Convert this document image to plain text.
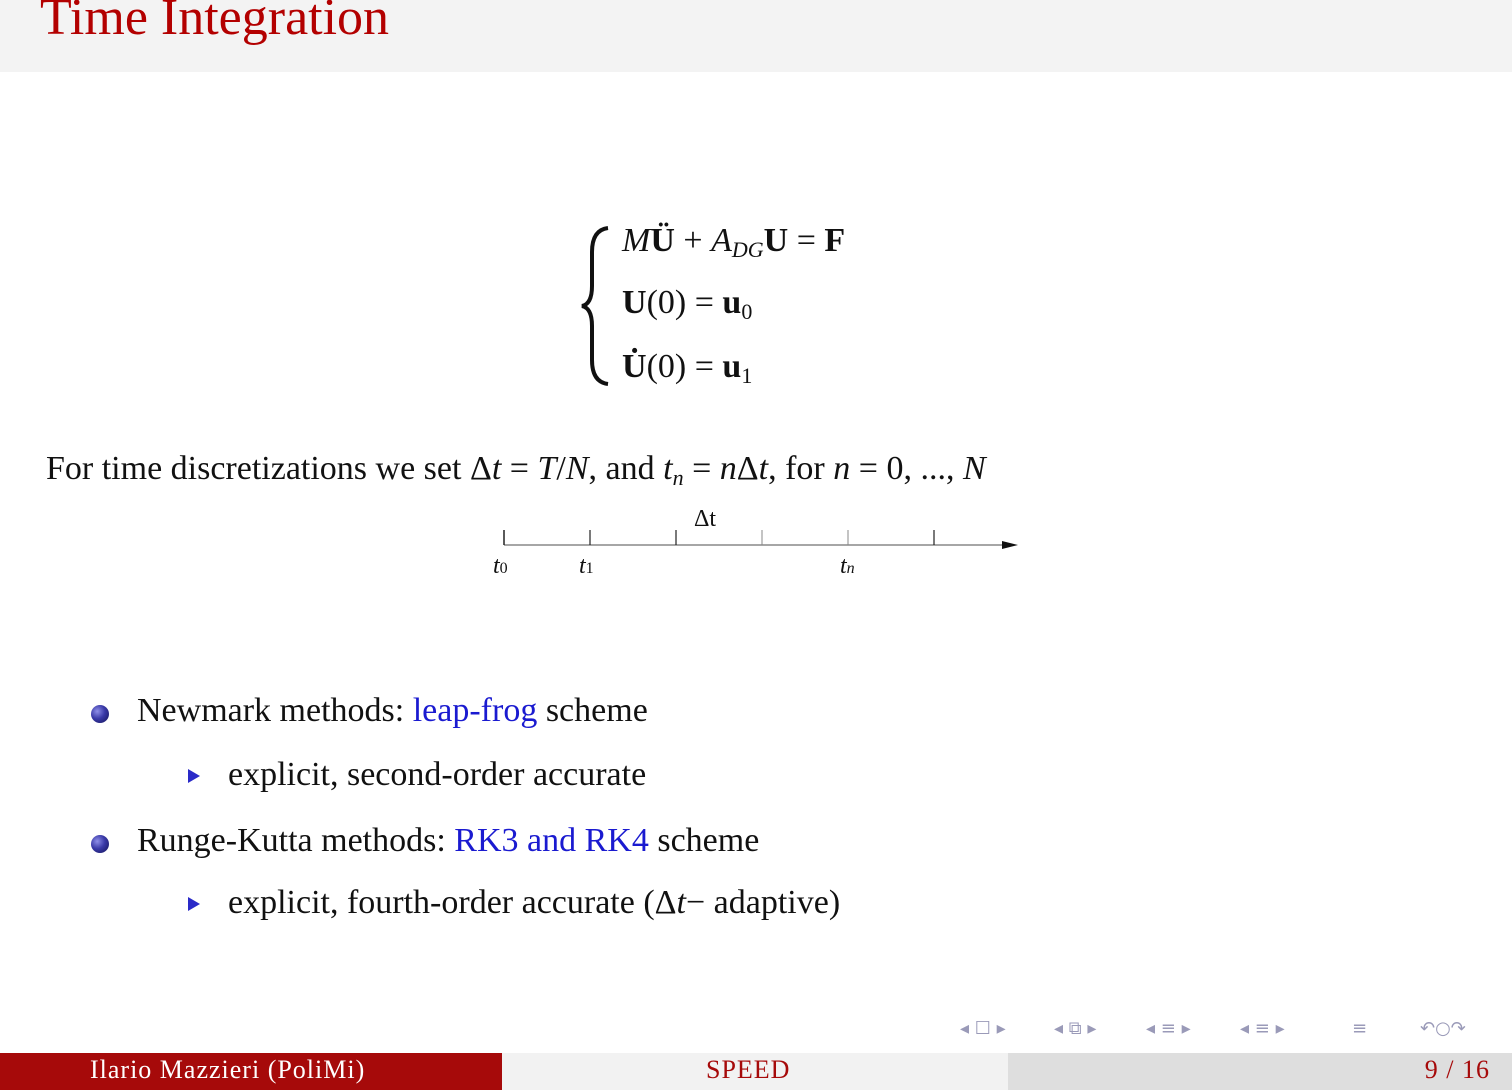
Time Integration
MÜ + $A_{DG}U = F$
$U(0) = u_0$
U̇(0) = $u_1$
For time discretizations we set Δt = T/N, and $t_n = n\Delta t$, for n = 0, ..., N
Δt
t0	t1	tn
Newmark methods: leap-frog scheme
explicit, second-order accurate
Runge-Kutta methods: RK3 and RK4 scheme
explicit, fourth-order accurate (Δt− adaptive)
◂ ☐ ▸	◂ ⧉ ▸	◂ ≡ ▸	◂ ≡ ▸	≡	↶○↷
Ilario Mazzieri (PoliMi)	SPEED	9 / 16
